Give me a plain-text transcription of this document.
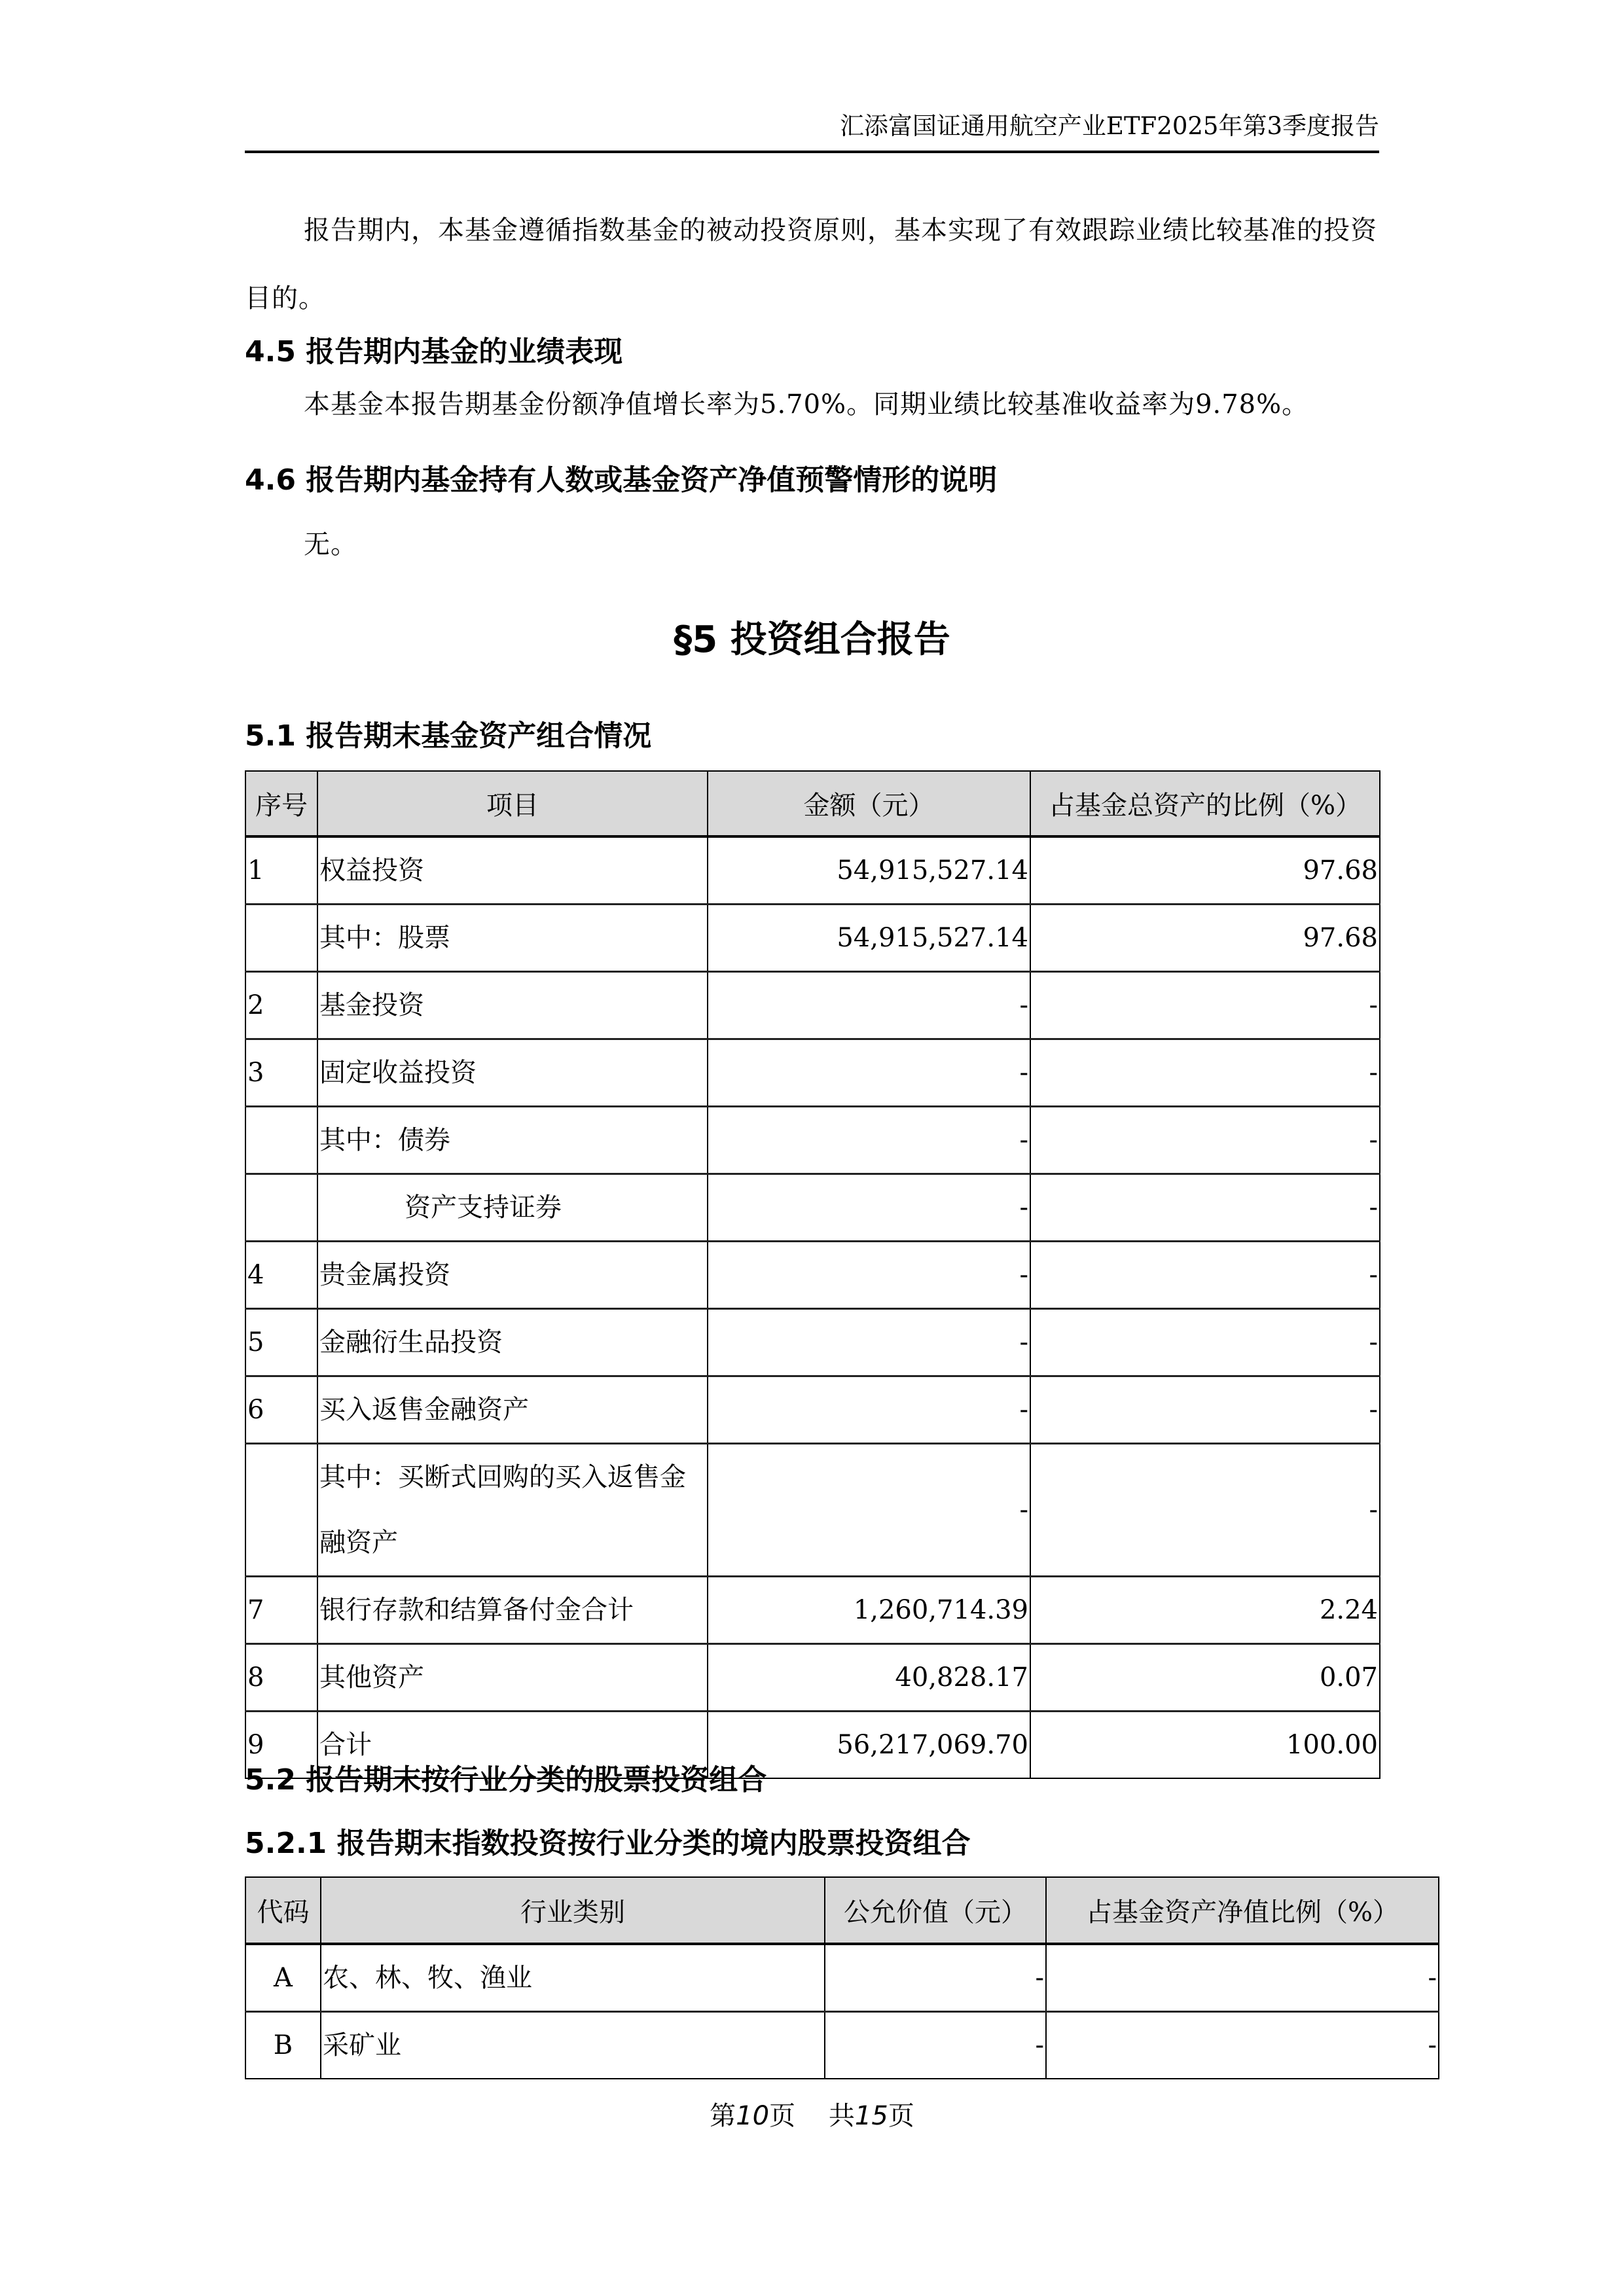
汇添富国证通用航空产业ETF2025年第3季度报告
报告期内，本基金遵循指数基金的被动投资原则，基本实现了有效跟踪业绩比较基准的投资目的。
4.5 报告期内基金的业绩表现
本基金本报告期基金份额净值增长率为5.70%。同期业绩比较基准收益率为9.78%。
4.6 报告期内基金持有人数或基金资产净值预警情形的说明
无。
§5 投资组合报告
5.1 报告期末基金资产组合情况
序号	项目	金额（元）	占基金总资产的比例（%）
1	权益投资	54,915,527.14	97.68
	其中：股票	54,915,527.14	97.68
2	基金投资	-	-
3	固定收益投资	-	-
	其中：债券	-	-
	资产支持证券	-	-
4	贵金属投资	-	-
5	金融衍生品投资	-	-
6	买入返售金融资产	-	-
	其中：买断式回购的买入返售金融资产	-	-
7	银行存款和结算备付金合计	1,260,714.39	2.24
8	其他资产	40,828.17	0.07
9	合计	56,217,069.70	100.00
5.2 报告期末按行业分类的股票投资组合
5.2.1 报告期末指数投资按行业分类的境内股票投资组合
代码	行业类别	公允价值（元）	占基金资产净值比例（%）
A	农、林、牧、渔业	-	-
B	采矿业	-	-
第10页 共15页
